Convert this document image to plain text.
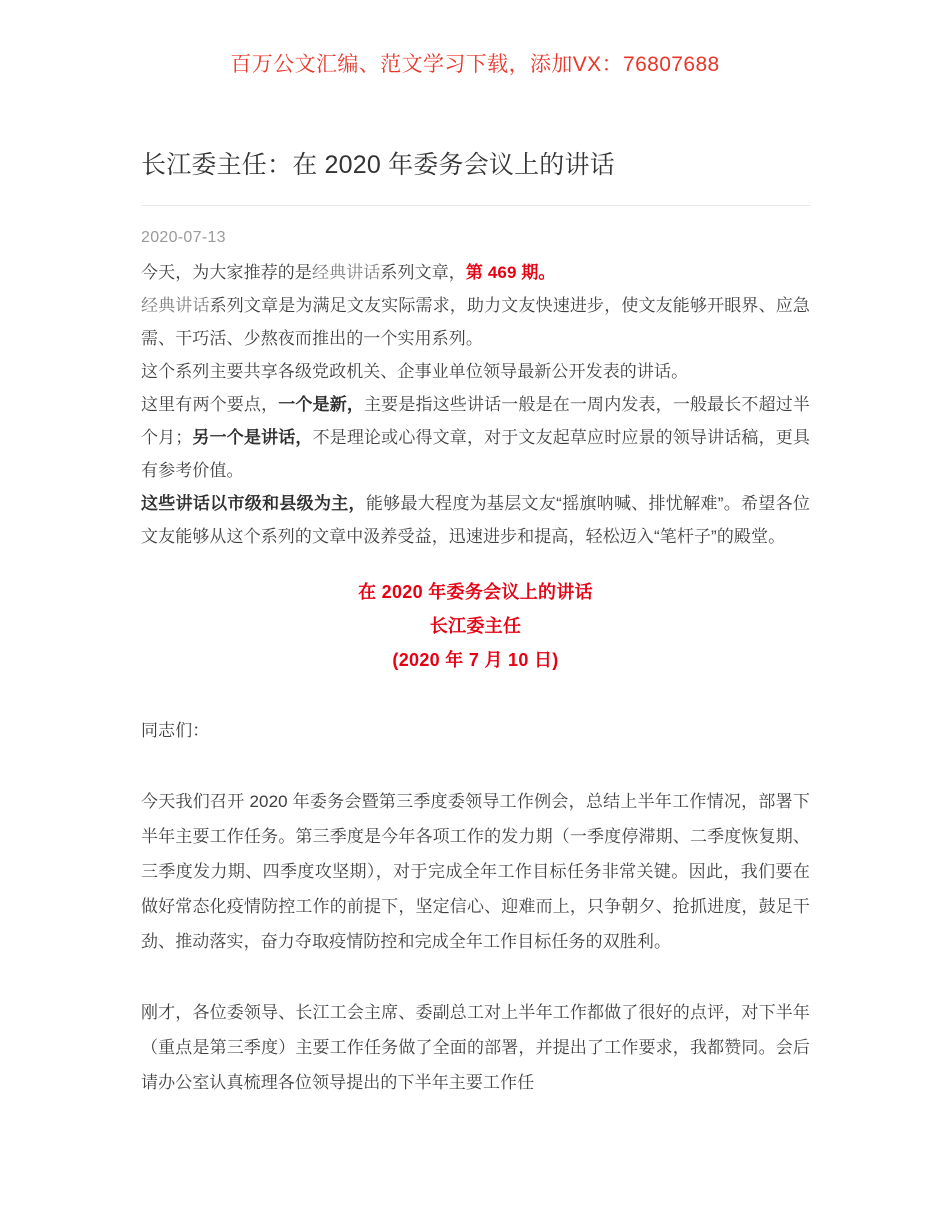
百万公文汇编、范文学习下载，添加VX：76807688
长江委主任：在 2020 年委务会议上的讲话
2020-07-13

今天，为大家推荐的是经典讲话系列文章，第 469 期。

经典讲话系列文章是为满足文友实际需求，助力文友快速进步，使文友能够开眼界、应急需、干巧活、少熬夜而推出的一个实用系列。

这个系列主要共享各级党政机关、企事业单位领导最新公开发表的讲话。

这里有两个要点，一个是新，主要是指这些讲话一般是在一周内发表，一般最长不超过半个月；另一个是讲话，不是理论或心得文章，对于文友起草应时应景的领导讲话稿，更具有参考价值。

这些讲话以市级和县级为主，能够最大程度为基层文友“摇旗呐喊、排忧解难”。希望各位文友能够从这个系列的文章中汲养受益，迅速进步和提高，轻松迈入“笔杆子”的殿堂。

在 2020 年委务会议上的讲话
长江委主任
(2020 年 7 月 10 日)

同志们：

今天我们召开 2020 年委务会暨第三季度委领导工作例会，总结上半年工作情况，部署下半年主要工作任务。第三季度是今年各项工作的发力期（一季度停滞期、二季度恢复期、三季度发力期、四季度攻坚期），对于完成全年工作目标任务非常关键。因此，我们要在做好常态化疫情防控工作的前提下，坚定信心、迎难而上，只争朝夕、抢抓进度，鼓足干劲、推动落实，奋力夺取疫情防控和完成全年工作目标任务的双胜利。

刚才，各位委领导、长江工会主席、委副总工对上半年工作都做了很好的点评，对下半年（重点是第三季度）主要工作任务做了全面的部署，并提出了工作要求，我都赞同。会后请办公室认真梳理各位领导提出的下半年主要工作任
